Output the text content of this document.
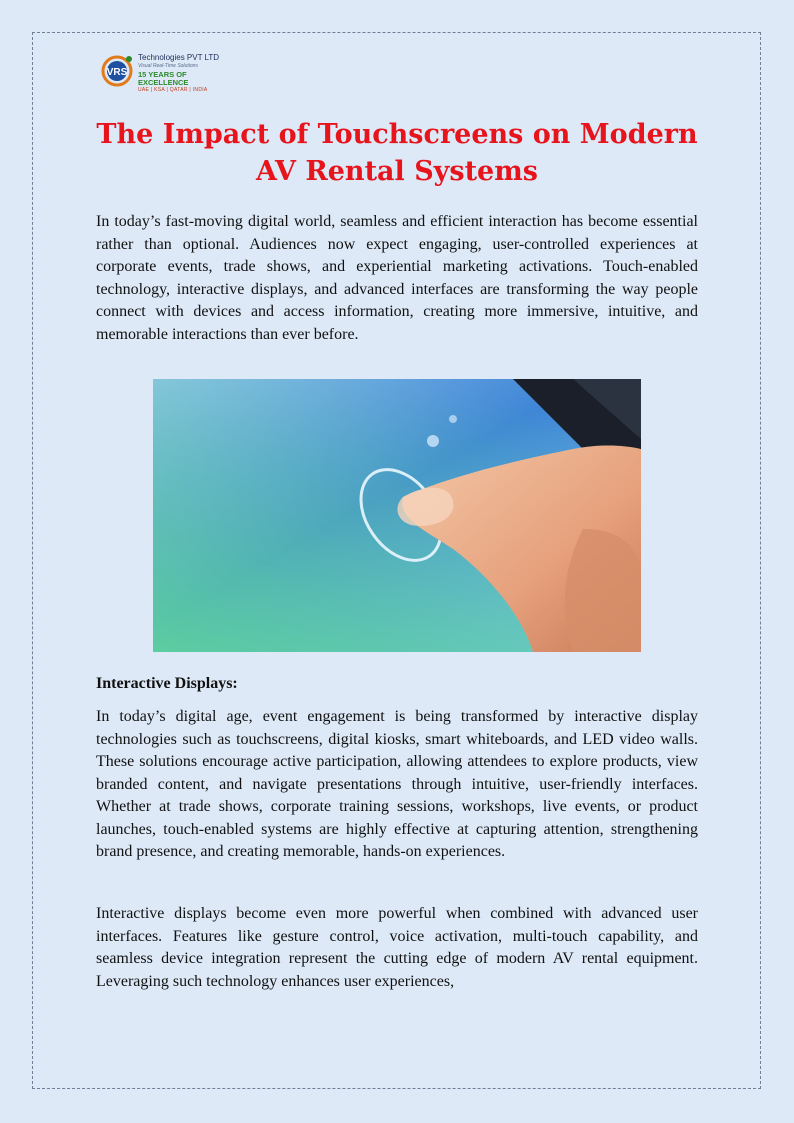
VRS
Technologies PVT LTD
Visual Real-Time Solutions
15 YEARS OF EXCELLENCE
UAE | KSA | QATAR | INDIA
The Impact of Touchscreens on Modern AV Rental Systems

In today’s fast-moving digital world, seamless and efficient interaction has become essential rather than optional. Audiences now expect engaging, user-controlled experiences at corporate events, trade shows, and experiential marketing activations. Touch-enabled technology, interactive displays, and advanced interfaces are transforming the way people connect with devices and access information, creating more immersive, intuitive, and memorable interactions than ever before.

Interactive Displays:

In today’s digital age, event engagement is being transformed by interactive display technologies such as touchscreens, digital kiosks, smart whiteboards, and LED video walls. These solutions encourage active participation, allowing attendees to explore products, view branded content, and navigate presentations through intuitive, user-friendly interfaces. Whether at trade shows, corporate training sessions, workshops, live events, or product launches, touch-enabled systems are highly effective at capturing attention, strengthening brand presence, and creating memorable, hands-on experiences.

Interactive displays become even more powerful when combined with advanced user interfaces. Features like gesture control, voice activation, multi-touch capability, and seamless device integration represent the cutting edge of modern AV rental equipment. Leveraging such technology enhances user experiences,
